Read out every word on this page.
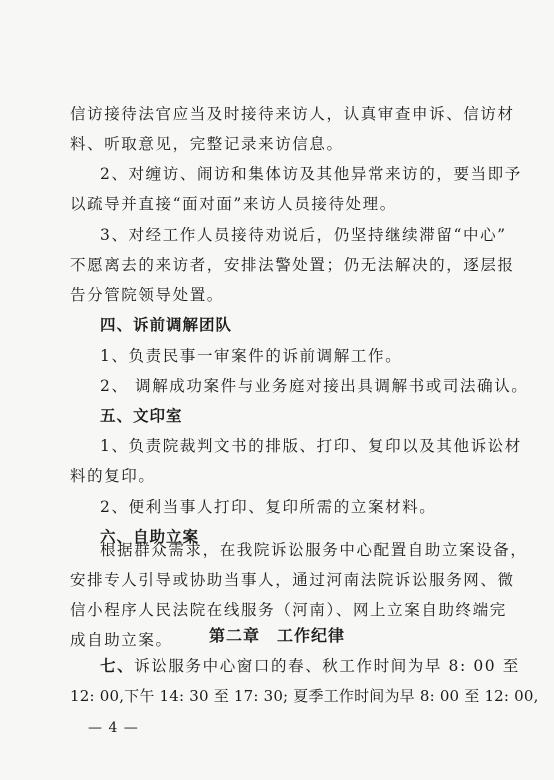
信访接待法官应当及时接待来访人，认真审查申诉、信访材
料、听取意见，完整记录来访信息。
2、对缠访、闹访和集体访及其他异常来访的，要当即予
以疏导并直接“面对面”来访人员接待处理。
3、对经工作人员接待劝说后，仍坚持继续滞留“中心”
不愿离去的来访者，安排法警处置；仍无法解决的，逐层报
告分管院领导处置。
四、诉前调解团队
1、负责民事一审案件的诉前调解工作。
2、 调解成功案件与业务庭对接出具调解书或司法确认。
五、文印室
1、负责院裁判文书的排版、打印、复印以及其他诉讼材
料的复印。
2、便利当事人打印、复印所需的立案材料。
六、自助立案
根据群众需求，在我院诉讼服务中心配置自助立案设备，
安排专人引导或协助当事人，通过河南法院诉讼服务网、微
信小程序人民法院在线服务（河南）、网上立案自助终端完
成自助立案。	第二章　工作纪律
七、诉讼服务中心窗口的春、秋工作时间为早 8: 00 至
12: 00,下午 14: 30 至 17: 30; 夏季工作时间为早 8: 00 至 12: 00,
— 4 —
